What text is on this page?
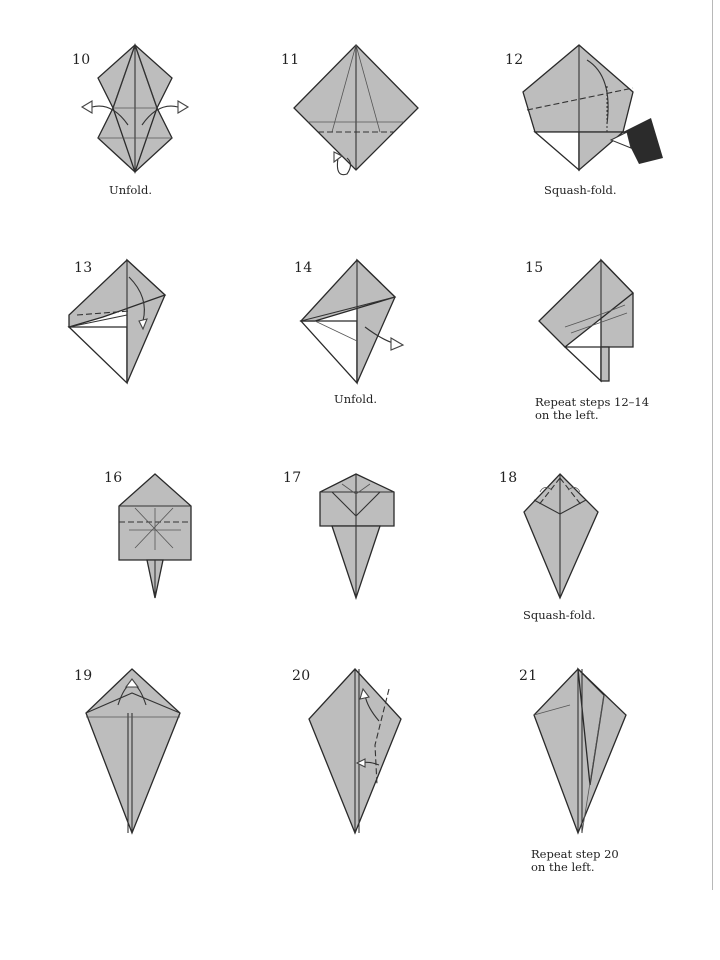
10
Unfold.
11	12
Squash-fold.
13	14
Unfold.
15
Repeat steps 12–14
on the left.
16	17	18
Squash-fold.
19	20	21
Repeat step 20
on the left.
